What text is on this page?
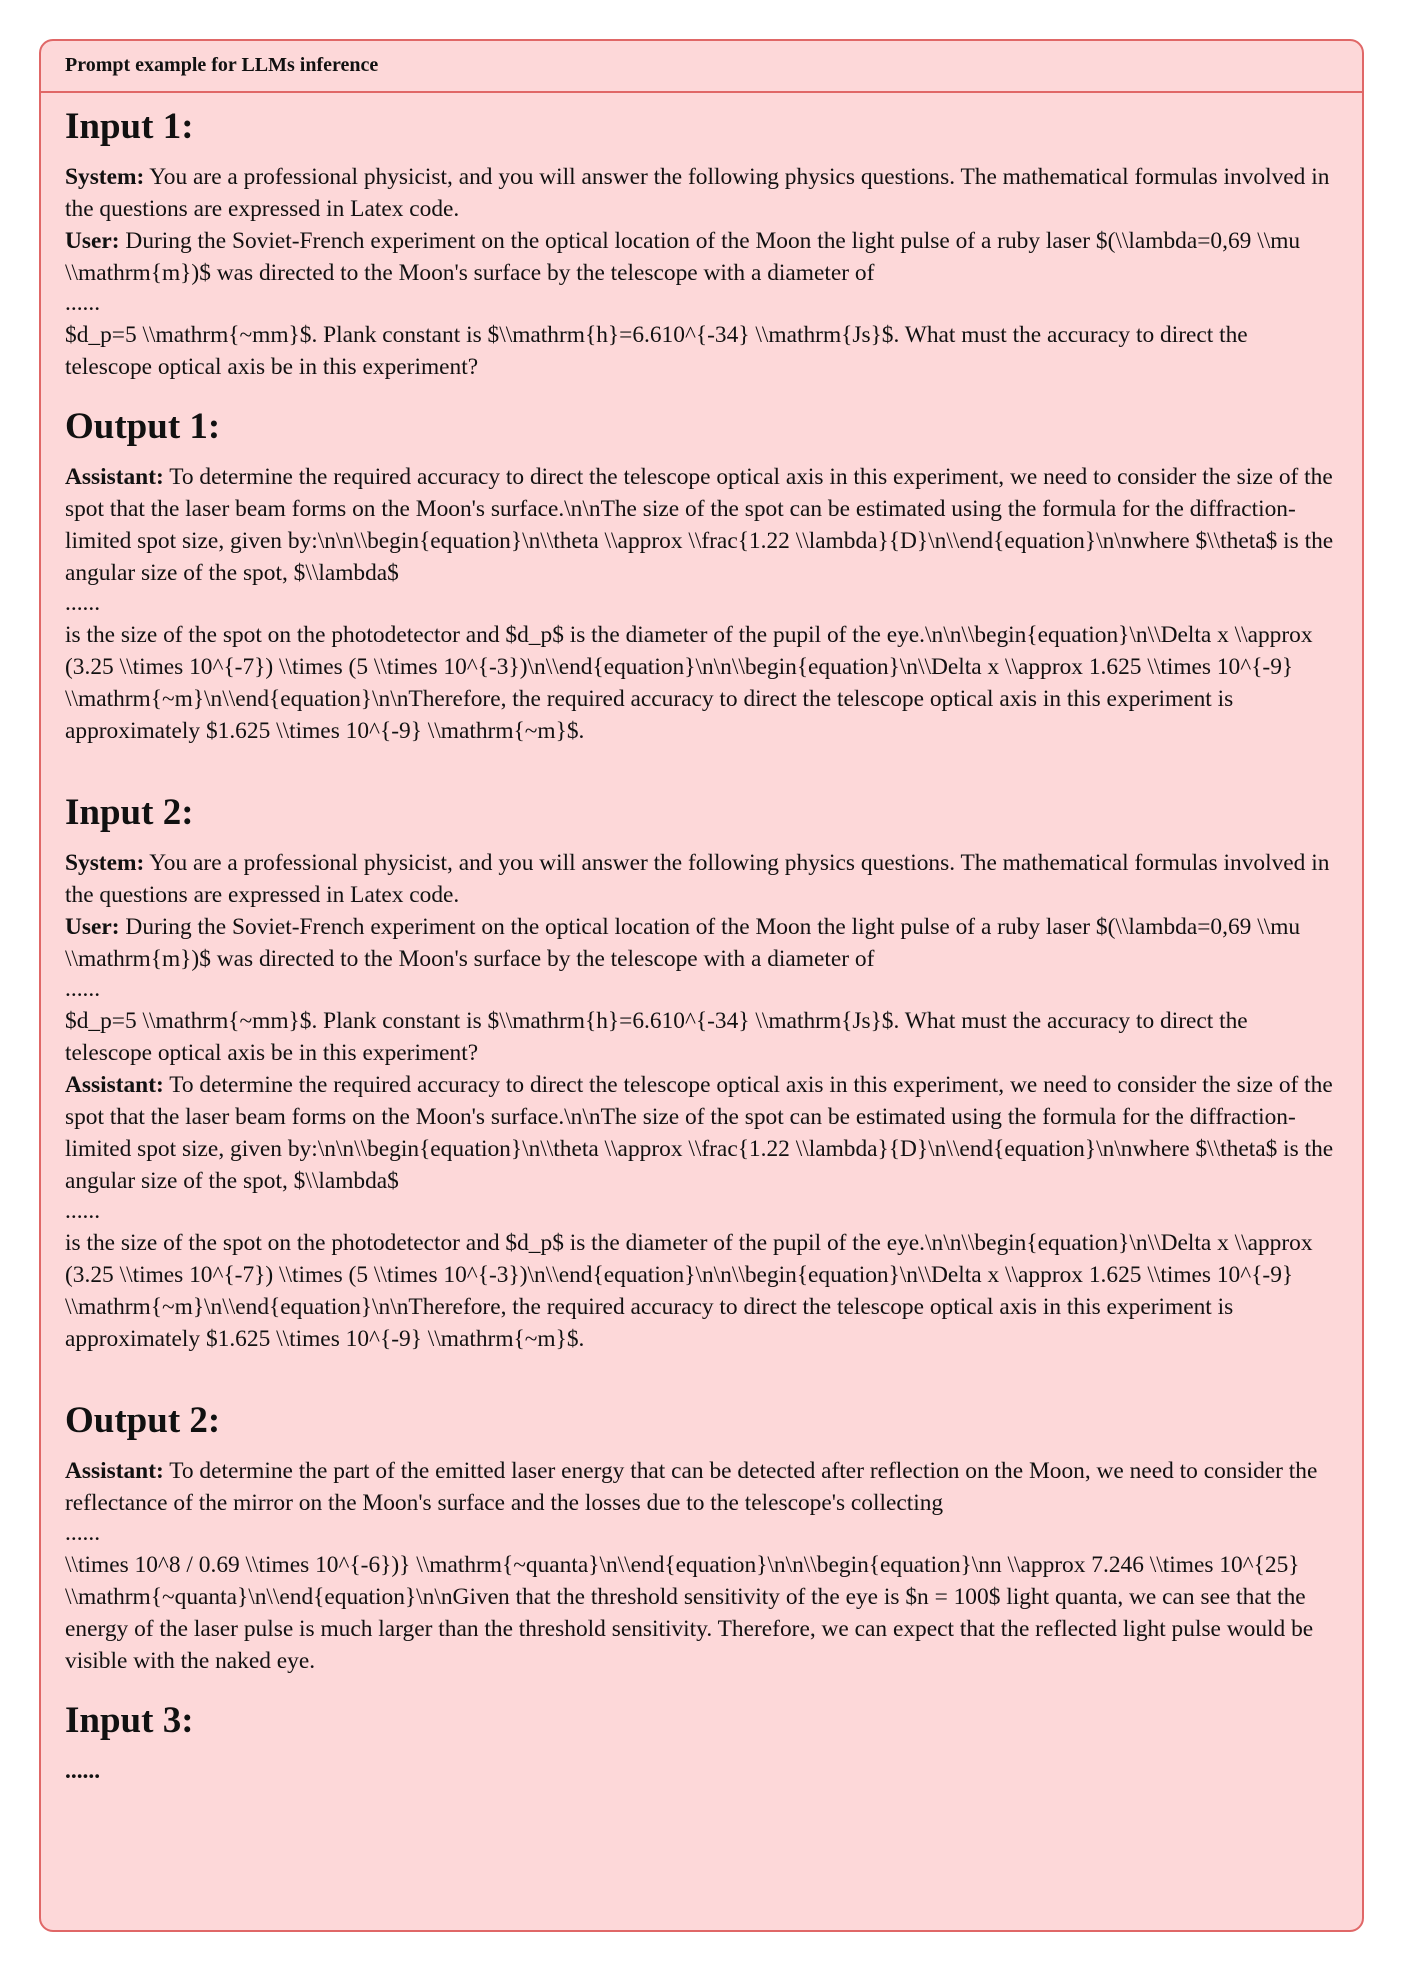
Prompt example for LLMs inference
Input 1:

System: You are a professional physicist, and you will answer the following physics questions. The mathematical formulas involved in the questions are expressed in Latex code.

User: During the Soviet-French experiment on the optical location of the Moon the light pulse of a ruby laser $(\\lambda=0,69 \\mu \\mathrm{m})$ was directed to the Moon's surface by the telescope with a diameter of

......

$d_p=5 \\mathrm{~mm}$. Plank constant is $\\mathrm{h}=6.610^{-34} \\mathrm{Js}$. What must the accuracy to direct the telescope optical axis be in this experiment?

Output 1:

Assistant: To determine the required accuracy to direct the telescope optical axis in this experiment, we need to consider the size of the spot that the laser beam forms on the Moon's surface.\n\nThe size of the spot can be estimated using the formula for the diffraction-limited spot size, given by:\n\n\\begin{equation}\n\\theta \\approx \\frac{1.22 \\lambda}{D}\n\\end{equation}\n\nwhere $\\theta$ is the angular size of the spot, $\\lambda$

......

is the size of the spot on the photodetector and $d_p$ is the diameter of the pupil of the eye.\n\n\\begin{equation}\n\\Delta x \\approx (3.25 \\times 10^{-7}) \\times (5 \\times 10^{-3})\n\\end{equation}\n\n\\begin{equation}\n\\Delta x \\approx 1.625 \\times 10^{-9} \\mathrm{~m}\n\\end{equation}\n\nTherefore, the required accuracy to direct the telescope optical axis in this experiment is approximately $1.625 \\times 10^{-9} \\mathrm{~m}$.

Input 2:

System: You are a professional physicist, and you will answer the following physics questions. The mathematical formulas involved in the questions are expressed in Latex code.

User: During the Soviet-French experiment on the optical location of the Moon the light pulse of a ruby laser $(\\lambda=0,69 \\mu \\mathrm{m})$ was directed to the Moon's surface by the telescope with a diameter of

......

$d_p=5 \\mathrm{~mm}$. Plank constant is $\\mathrm{h}=6.610^{-34} \\mathrm{Js}$. What must the accuracy to direct the telescope optical axis be in this experiment?

Assistant: To determine the required accuracy to direct the telescope optical axis in this experiment, we need to consider the size of the spot that the laser beam forms on the Moon's surface.\n\nThe size of the spot can be estimated using the formula for the diffraction-limited spot size, given by:\n\n\\begin{equation}\n\\theta \\approx \\frac{1.22 \\lambda}{D}\n\\end{equation}\n\nwhere $\\theta$ is the angular size of the spot, $\\lambda$

......

is the size of the spot on the photodetector and $d_p$ is the diameter of the pupil of the eye.\n\n\\begin{equation}\n\\Delta x \\approx (3.25 \\times 10^{-7}) \\times (5 \\times 10^{-3})\n\\end{equation}\n\n\\begin{equation}\n\\Delta x \\approx 1.625 \\times 10^{-9} \\mathrm{~m}\n\\end{equation}\n\nTherefore, the required accuracy to direct the telescope optical axis in this experiment is approximately $1.625 \\times 10^{-9} \\mathrm{~m}$.

Output 2:

Assistant: To determine the part of the emitted laser energy that can be detected after reflection on the Moon, we need to consider the reflectance of the mirror on the Moon's surface and the losses due to the telescope's collecting

......

\\times 10^8 / 0.69 \\times 10^{-6})} \\mathrm{~quanta}\n\\end{equation}\n\n\\begin{equation}\nn \\approx 7.246 \\times 10^{25} \\mathrm{~quanta}\n\\end{equation}\n\nGiven that the threshold sensitivity of the eye is $n = 100$ light quanta, we can see that the energy of the laser pulse is much larger than the threshold sensitivity. Therefore, we can expect that the reflected light pulse would be visible with the naked eye.

Input 3:
......
